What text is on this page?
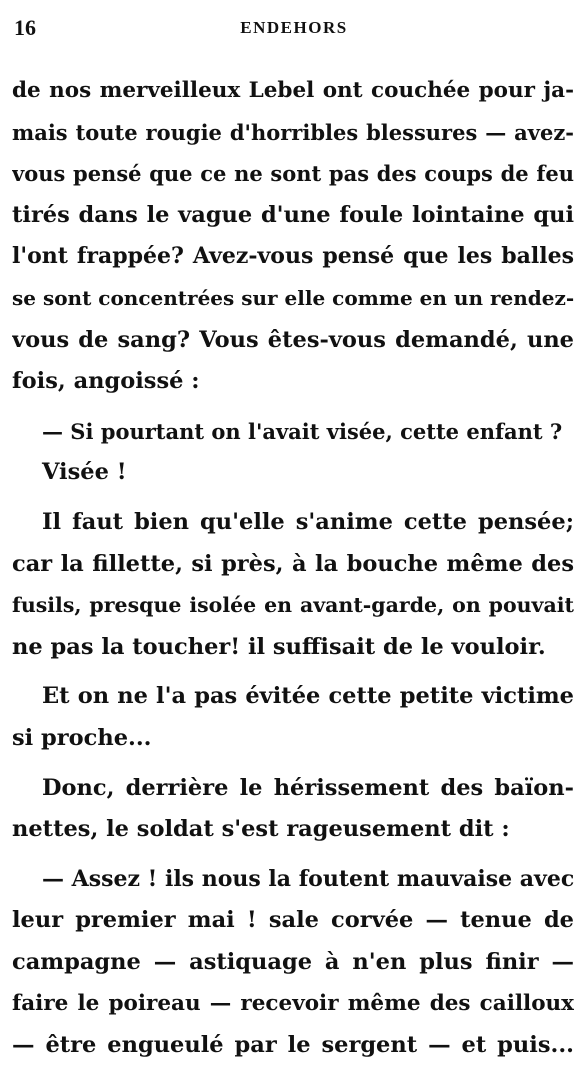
16	ENDEHORS
de nos merveilleux Lebel ont couchée pour ja-
mais toute rougie d'horribles blessures — avez-
vous pensé que ce ne sont pas des coups de feu
tirés dans le vague d'une foule lointaine qui
l'ont frappée? Avez-vous pensé que les balles
se sont concentrées sur elle comme en un rendez-
vous de sang? Vous êtes-vous demandé, une
fois, angoissé :
— Si pourtant on l'avait visée, cette enfant ?
Visée !
Il faut bien qu'elle s'anime cette pensée;
car la fillette, si près, à la bouche même des
fusils, presque isolée en avant-garde, on pouvait
ne pas la toucher! il suffisait de le vouloir.
Et on ne l'a pas évitée cette petite victime
si proche...
Donc, derrière le hérissement des baïon-
nettes, le soldat s'est rageusement dit :
— Assez ! ils nous la foutent mauvaise avec
leur premier mai ! sale corvée — tenue de
campagne — astiquage à n'en plus finir —
faire le poireau — recevoir même des cailloux
— être engueulé par le sergent — et puis...
